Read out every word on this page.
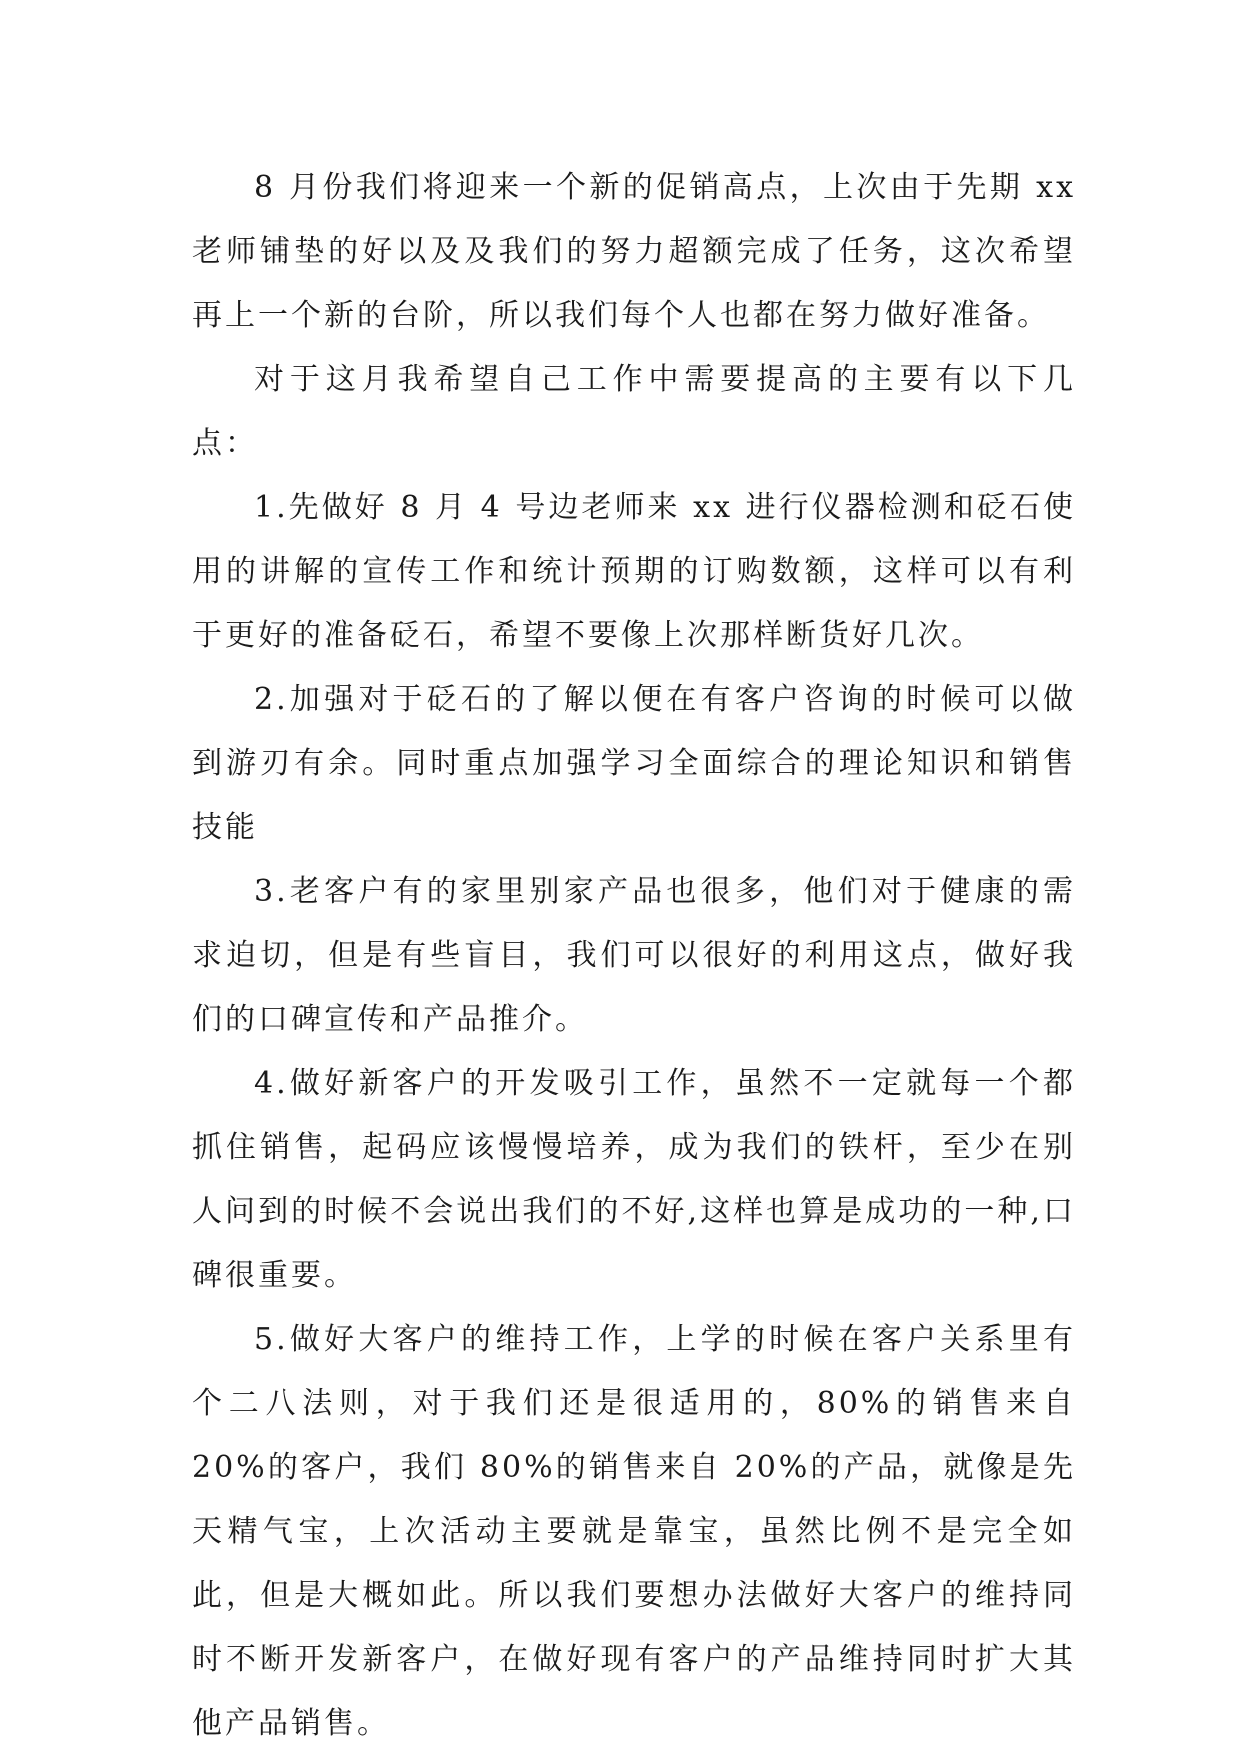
8 月份我们将迎来一个新的促销高点，上次由于先期 xx 老师铺垫的好以及及我们的努力超额完成了任务，这次希望再上一个新的台阶，所以我们每个人也都在努力做好准备。

对于这月我希望自己工作中需要提高的主要有以下几点：

1.先做好 8 月 4 号边老师来 xx 进行仪器检测和砭石使用的讲解的宣传工作和统计预期的订购数额，这样可以有利于更好的准备砭石，希望不要像上次那样断货好几次。

2.加强对于砭石的了解以便在有客户咨询的时候可以做到游刃有余。同时重点加强学习全面综合的理论知识和销售技能

3.老客户有的家里别家产品也很多，他们对于健康的需求迫切，但是有些盲目，我们可以很好的利用这点，做好我们的口碑宣传和产品推介。

4.做好新客户的开发吸引工作，虽然不一定就每一个都抓住销售，起码应该慢慢培养，成为我们的铁杆，至少在别人问到的时候不会说出我们的不好,这样也算是成功的一种,口碑很重要。

5.做好大客户的维持工作，上学的时候在客户关系里有个二八法则，对于我们还是很适用的，80%的销售来自 20%的客户，我们 80%的销售来自 20%的产品，就像是先天精气宝，上次活动主要就是靠宝，虽然比例不是完全如此，但是大概如此。所以我们要想办法做好大客户的维持同时不断开发新客户，在做好现有客户的产品维持同时扩大其他产品销售。
